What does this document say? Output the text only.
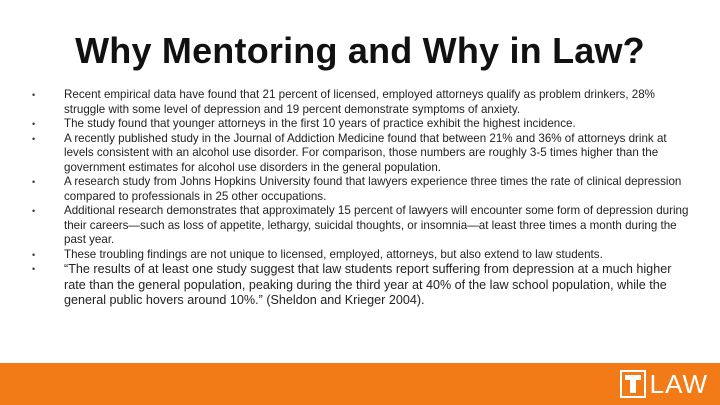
Why Mentoring and Why in Law?
• Recent empirical data have found that 21 percent of licensed, employed attorneys qualify as problem drinkers, 28% struggle with some level of depression and 19 percent demonstrate symptoms of anxiety.
• The study found that younger attorneys in the first 10 years of practice exhibit the highest incidence.
• A recently published study in the Journal of Addiction Medicine found that between 21% and 36% of attorneys drink at levels consistent with an alcohol use disorder. For comparison, those numbers are roughly 3-5 times higher than the government estimates for alcohol use disorders in the general population.
• A research study from Johns Hopkins University found that lawyers experience three times the rate of clinical depression compared to professionals in 25 other occupations.
• Additional research demonstrates that approximately 15 percent of lawyers will encounter some form of depression during their careers—such as loss of appetite, lethargy, suicidal thoughts, or insomnia—at least three times a month during the past year.
• These troubling findings are not unique to licensed, employed, attorneys, but also extend to law students.
• “The results of at least one study suggest that law students report suffering from depression at a much higher rate than the general population, peaking during the third year at 40% of the law school population, while the general public hovers around 10%.” (Sheldon and Krieger 2004).
LAW
